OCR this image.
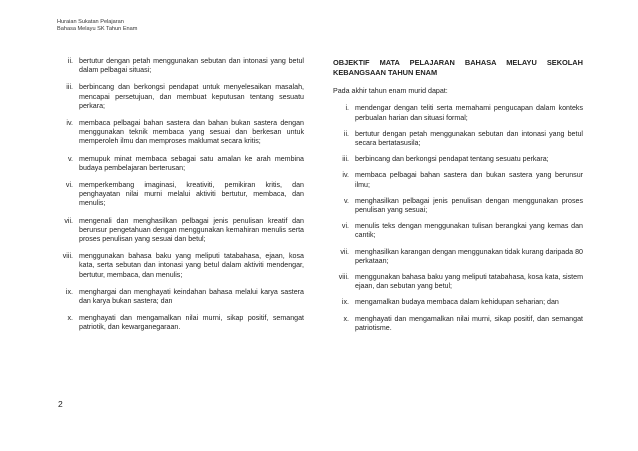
Huraian Sukatan Pelajaran
Bahasa Melayu SK Tahun Enam
ii. bertutur dengan petah menggunakan sebutan dan intonasi yang betul dalam pelbagai situasi;
iii. berbincang dan berkongsi pendapat untuk menyelesaikan masalah, mencapai persetujuan, dan membuat keputusan tentang sesuatu perkara;
iv. membaca pelbagai bahan sastera dan bahan bukan sastera dengan menggunakan teknik membaca yang sesuai dan berkesan untuk memperoleh ilmu dan memproses maklumat secara kritis;
v. memupuk minat membaca sebagai satu amalan ke arah membina budaya pembelajaran berterusan;
vi. memperkembang imaginasi, kreativiti, pemikiran kritis, dan penghayatan nilai murni melalui aktiviti bertutur, membaca, dan menulis;
vii. mengenali dan menghasilkan pelbagai jenis penulisan kreatif dan berunsur pengetahuan dengan menggunakan kemahiran menulis serta proses penulisan yang sesuai dan betul;
viii. menggunakan bahasa baku yang meliputi tatabahasa, ejaan, kosa kata, serta sebutan dan intonasi yang betul dalam aktiviti mendengar, bertutur, membaca, dan menulis;
ix. menghargai dan menghayati keindahan bahasa melalui karya sastera dan karya bukan sastera; dan
x. menghayati dan mengamalkan nilai murni, sikap positif, semangat patriotik, dan kewarganegaraan.
OBJEKTIF MATA PELAJARAN BAHASA MELAYU SEKOLAH KEBANGSAAN TAHUN ENAM
Pada akhir tahun enam murid dapat:
i. mendengar dengan teliti serta memahami pengucapan dalam konteks perbualan harian dan situasi formal;
ii. bertutur dengan petah menggunakan sebutan dan intonasi yang betul secara bertatasusila;
iii. berbincang dan berkongsi pendapat tentang sesuatu perkara;
iv. membaca pelbagai bahan sastera dan bukan sastera yang berunsur ilmu;
v. menghasilkan pelbagai jenis penulisan dengan menggunakan proses penulisan yang sesuai;
vi. menulis teks dengan menggunakan tulisan berangkai yang kemas dan cantik;
vii. menghasilkan karangan dengan menggunakan tidak kurang daripada 80 perkataan;
viii. menggunakan bahasa baku yang meliputi tatabahasa, kosa kata, sistem ejaan, dan sebutan yang betul;
ix. mengamalkan budaya membaca dalam kehidupan seharian; dan
x. menghayati dan mengamalkan nilai murni, sikap positif, dan semangat patriotisme.
2
